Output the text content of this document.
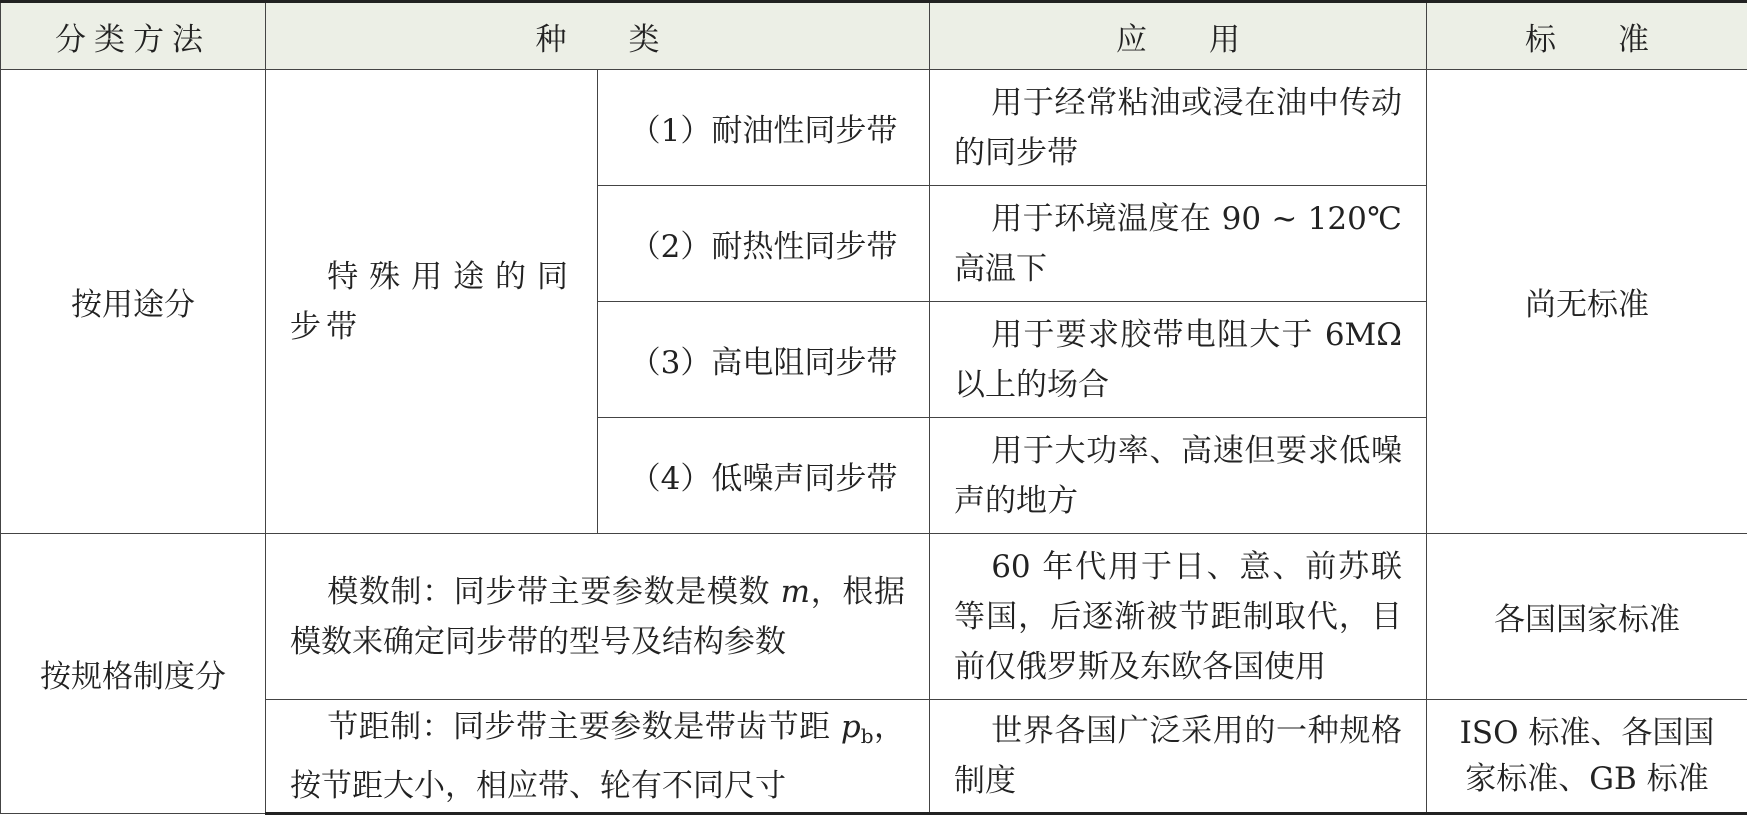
分类方法	种　　类		应　　用	标　　准
按用途分	特殊用途的同步带	（1）耐油性同步带	用于经常粘油或浸在油中传动的同步带	尚无标准
		（2）耐热性同步带	用于环境温度在 90 ~ 120℃高温下	
		（3）高电阻同步带	用于要求胶带电阻大于 6MΩ 以上的场合	
		（4）低噪声同步带	用于大功率、高速但要求低噪声的地方	
按规格制度分	模数制：同步带主要参数是模数 m，根据模数来确定同步带的型号及结构参数		60 年代用于日、意、前苏联等国，后逐渐被节距制取代，目前仅俄罗斯及东欧各国使用	各国国家标准
	节距制：同步带主要参数是带齿节距 $p_b$，按节距大小，相应带、轮有不同尺寸		世界各国广泛采用的一种规格制度	ISO 标准、各国国家标准、GB 标准
